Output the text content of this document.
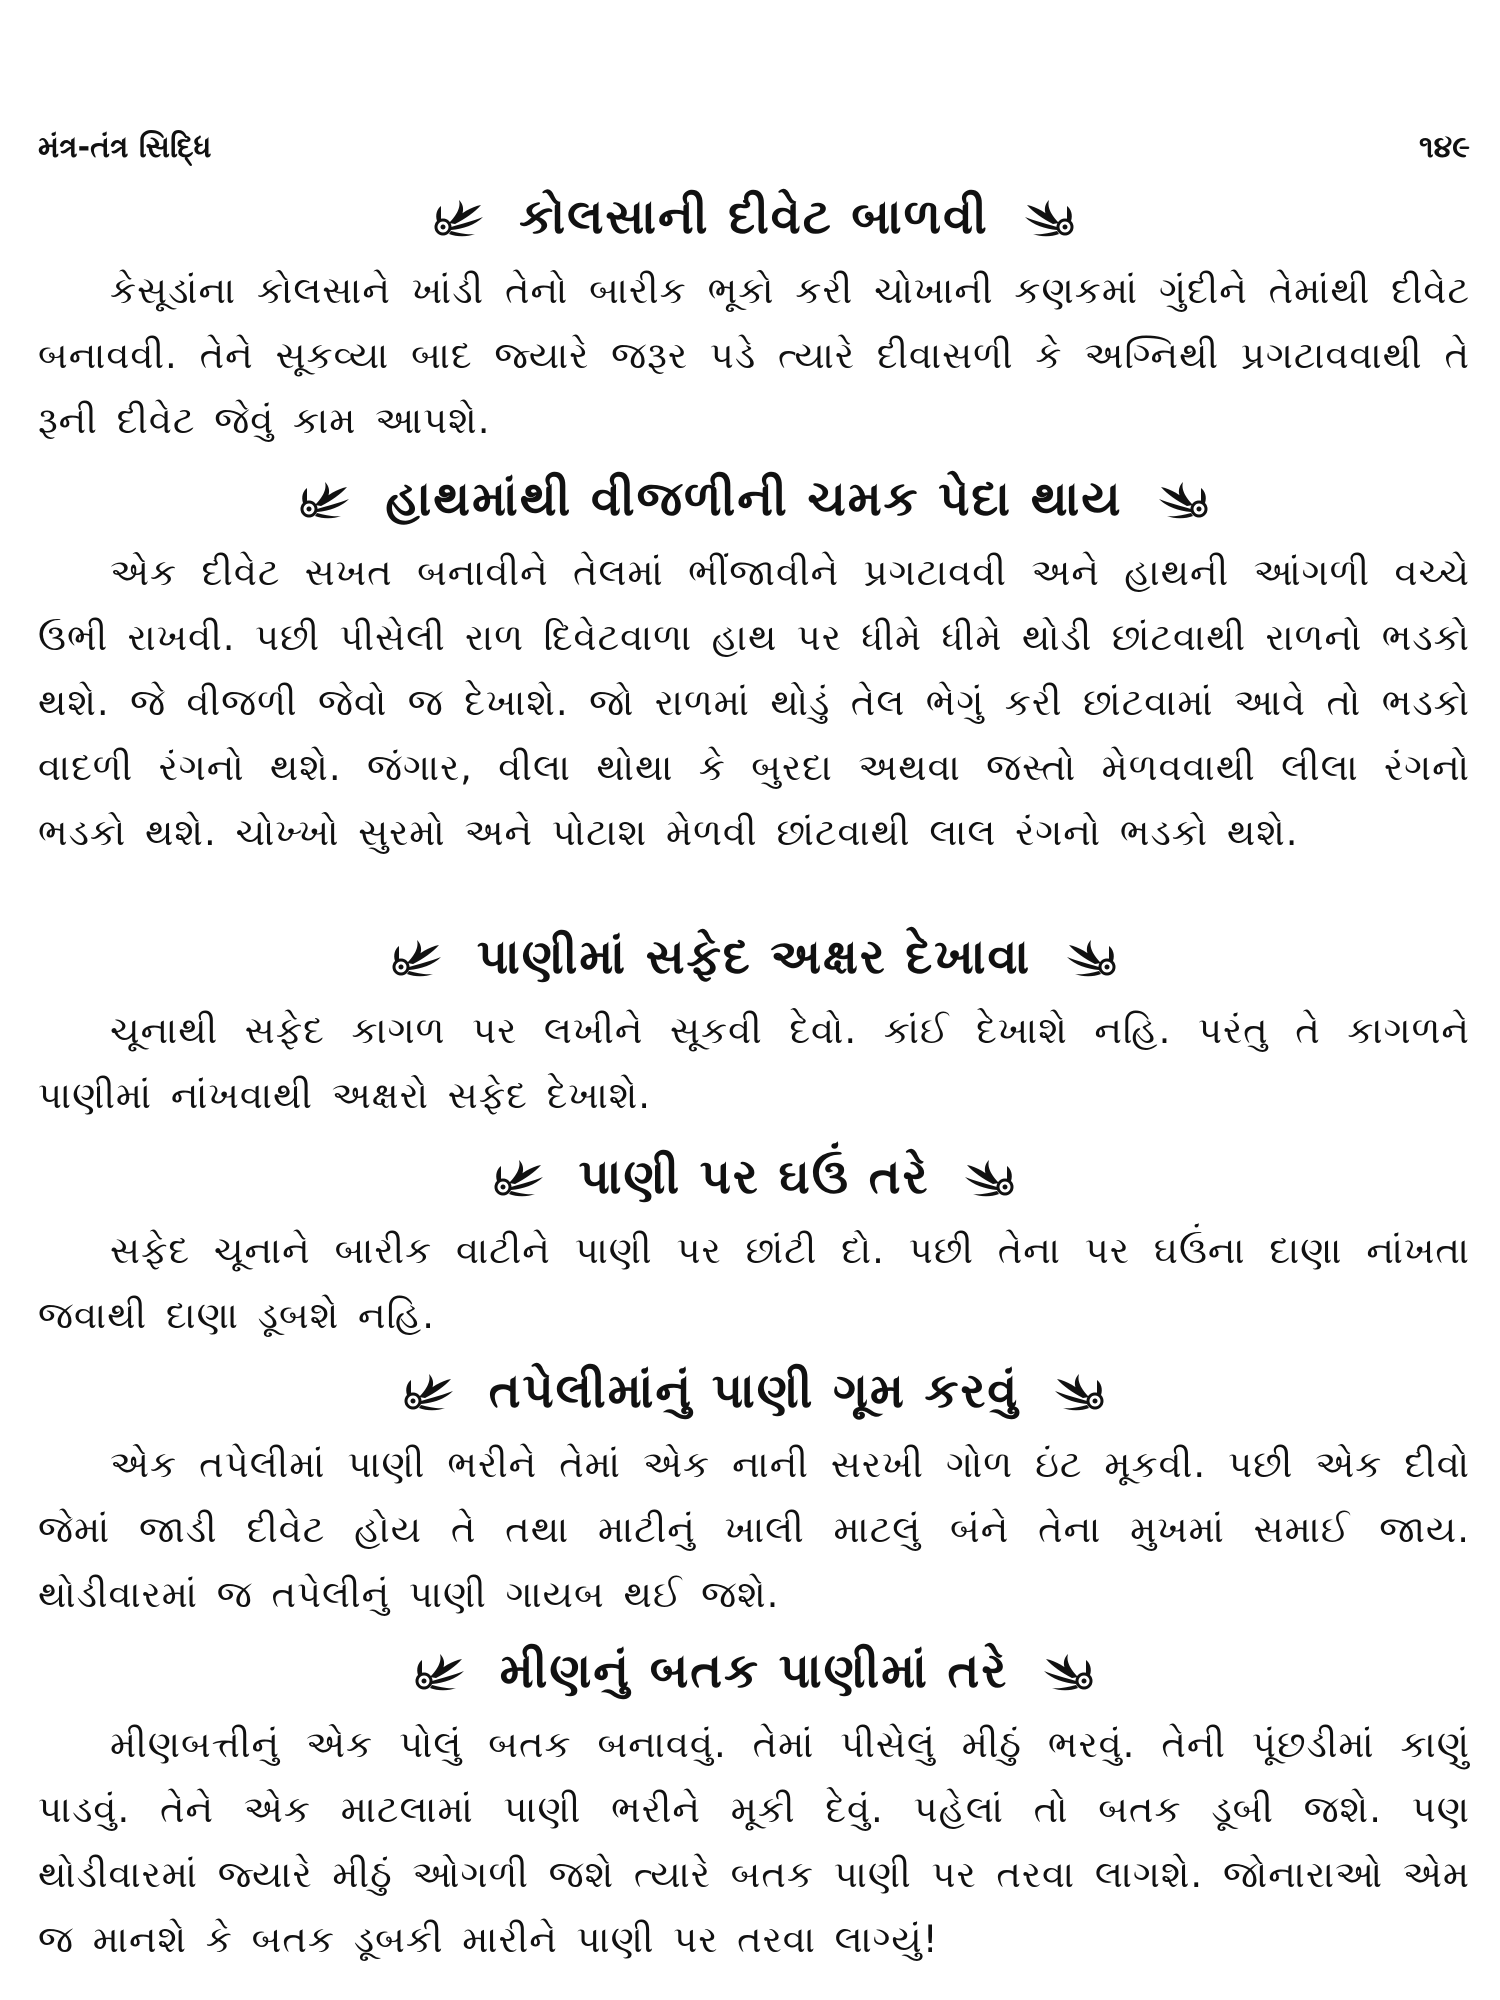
મંત્ર-તંત્ર સિદ્ધિ	૧૪૯
કોલસાની દીવેટ બાળવી

કેસૂડાંના કોલસાને ખાંડી તેનો બારીક ભૂકો કરી ચોખાની કણકમાં ગુંદીને તેમાંથી દીવેટ બનાવવી. તેને સૂકવ્યા બાદ જ્યારે જરૂર પડે ત્યારે દીવાસળી કે અગ્નિથી પ્રગટાવવાથી તે રૂની દીવેટ જેવું કામ આપશે.

હાથમાંથી વીજળીની ચમક પેદા થાય

એક દીવેટ સખત બનાવીને તેલમાં ભીંજાવીને પ્રગટાવવી અને હાથની આંગળી વચ્ચે ઉભી રાખવી. પછી પીસેલી રાળ દિવેટવાળા હાથ પર ધીમે ધીમે થોડી છાંટવાથી રાળનો ભડકો થશે. જે વીજળી જેવો જ દેખાશે. જો રાળમાં થોડું તેલ ભેગું કરી છાંટવામાં આવે તો ભડકો વાદળી રંગનો થશે. જંગાર, વીલા થોથા કે બુરદા અથવા જસ્તો મેળવવાથી લીલા રંગનો ભડકો થશે. ચોખ્ખો સુરમો અને પોટાશ મેળવી છાંટવાથી લાલ રંગનો ભડકો થશે.

પાણીમાં સફેદ અક્ષર દેખાવા

ચૂનાથી સફેદ કાગળ પર લખીને સૂકવી દેવો. કાંઈ દેખાશે નહિ. પરંતુ તે કાગળને પાણીમાં નાંખવાથી અક્ષરો સફેદ દેખાશે.

પાણી પર ઘઉં તરે

સફેદ ચૂનાને બારીક વાટીને પાણી પર છાંટી દો. પછી તેના પર ઘઉંના દાણા નાંખતા જવાથી દાણા ડૂબશે નહિ.

તપેલીમાંનું પાણી ગૂમ કરવું

એક તપેલીમાં પાણી ભરીને તેમાં એક નાની સરખી ગોળ ઇંટ મૂકવી. પછી એક દીવો જેમાં જાડી દીવેટ હોય તે તથા માટીનું ખાલી માટલું બંને તેના મુખમાં સમાઈ જાય. થોડીવારમાં જ તપેલીનું પાણી ગાયબ થઈ જશે.

મીણનું બતક પાણીમાં તરે

મીણબત્તીનું એક પોલું બતક બનાવવું. તેમાં પીસેલું મીઠું ભરવું. તેની પૂંછડીમાં કાણું પાડવું. તેને એક માટલામાં પાણી ભરીને મૂકી દેવું. પહેલાં તો બતક ડૂબી જશે. પણ થોડીવારમાં જ્યારે મીઠું ઓગળી જશે ત્યારે બતક પાણી પર તરવા લાગશે. જોનારાઓ એમ જ માનશે કે બતક ડૂબકી મારીને પાણી પર તરવા લાગ્યું!
